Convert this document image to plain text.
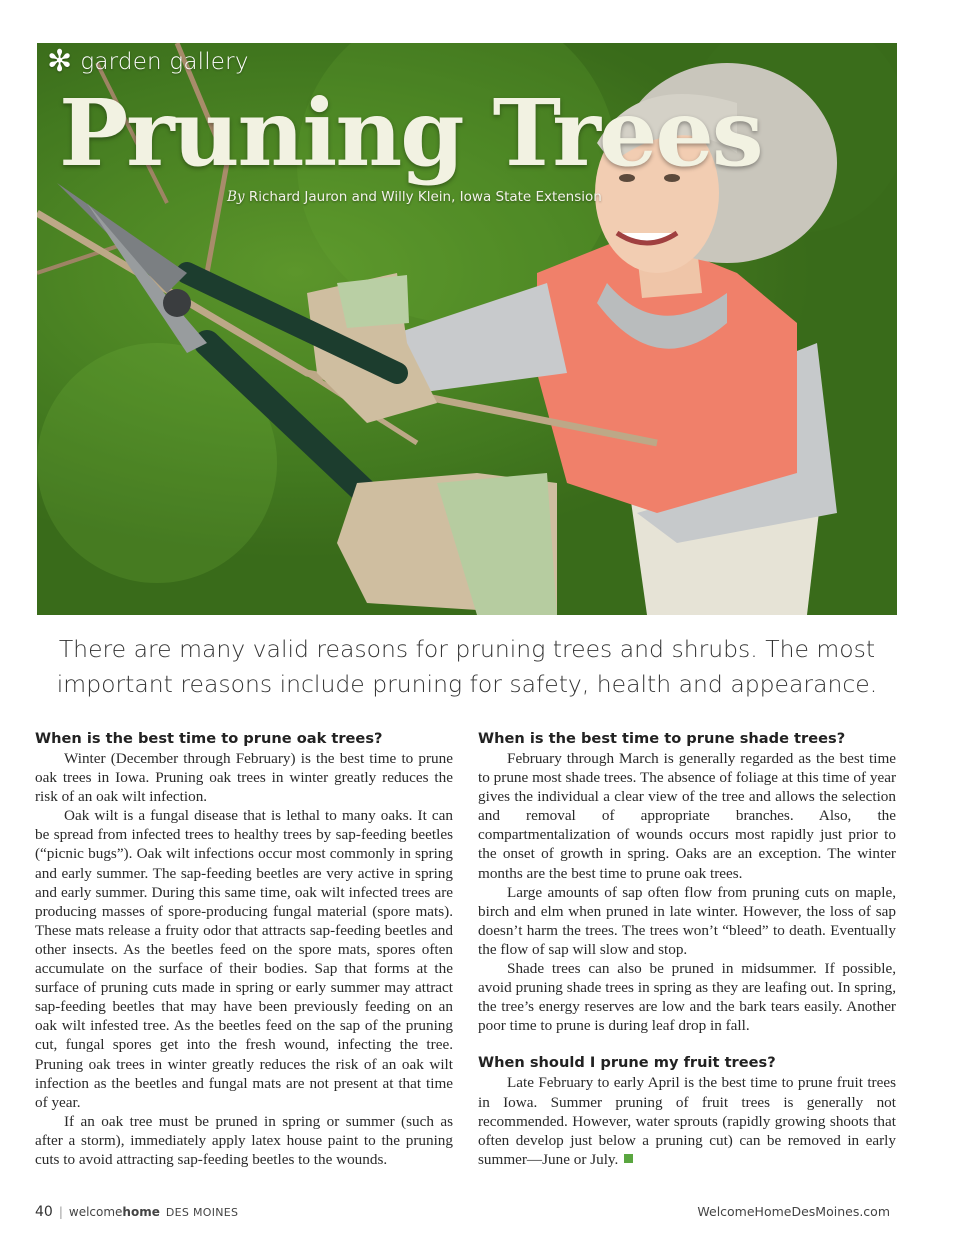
✻ garden gallery
Pruning Trees
By Richard Jauron and Willy Klein, Iowa State Extension
There are many valid reasons for pruning trees and shrubs. The most
important reasons include pruning for safety, health and appearance.
When is the best time to prune oak trees?

Winter (December through February) is the best time to prune oak trees in Iowa. Pruning oak trees in winter greatly reduces the risk of an oak wilt infection.

Oak wilt is a fungal disease that is lethal to many oaks. It can be spread from infected trees to healthy trees by sap-feeding beetles (“picnic bugs”). Oak wilt infections occur most commonly in spring and early summer. The sap-feeding beetles are very active in spring and early summer. During this same time, oak wilt infected trees are producing masses of spore-producing fungal material (spore mats). These mats release a fruity odor that attracts sap-feeding beetles and other insects. As the beetles feed on the spore mats, spores often accumulate on the surface of their bodies. Sap that forms at the surface of pruning cuts made in spring or early summer may attract sap-feeding beetles that may have been previously feeding on an oak wilt infested tree. As the beetles feed on the sap of the pruning cut, fungal spores get into the fresh wound, infecting the tree. Pruning oak trees in winter greatly reduces the risk of an oak wilt infection as the beetles and fungal mats are not present at that time of year.

If an oak tree must be pruned in spring or summer (such as after a storm), immediately apply latex house paint to the pruning cuts to avoid attracting sap-feeding beetles to the wounds.

When is the best time to prune shade trees?

February through March is generally regarded as the best time to prune most shade trees. The absence of foliage at this time of year gives the individual a clear view of the tree and allows the selection and removal of appropriate branches. Also, the compartmentalization of wounds occurs most rapidly just prior to the onset of growth in spring. Oaks are an exception. The winter months are the best time to prune oak trees.

Large amounts of sap often flow from pruning cuts on maple, birch and elm when pruned in late winter. However, the loss of sap doesn’t harm the trees. The trees won’t “bleed” to death. Eventually the flow of sap will slow and stop.

Shade trees can also be pruned in midsummer. If possible, avoid pruning shade trees in spring as they are leafing out. In spring, the tree’s energy reserves are low and the bark tears easily. Another poor time to prune is during leaf drop in fall.

When should I prune my fruit trees?

Late February to early April is the best time to prune fruit trees in Iowa. Summer pruning of fruit trees is generally not recommended. However, water sprouts (rapidly growing shoots that often develop just below a pruning cut) can be removed in early summer—June or July.

40 | welcomehome DES MOINES	WelcomeHomeDesMoines.com
